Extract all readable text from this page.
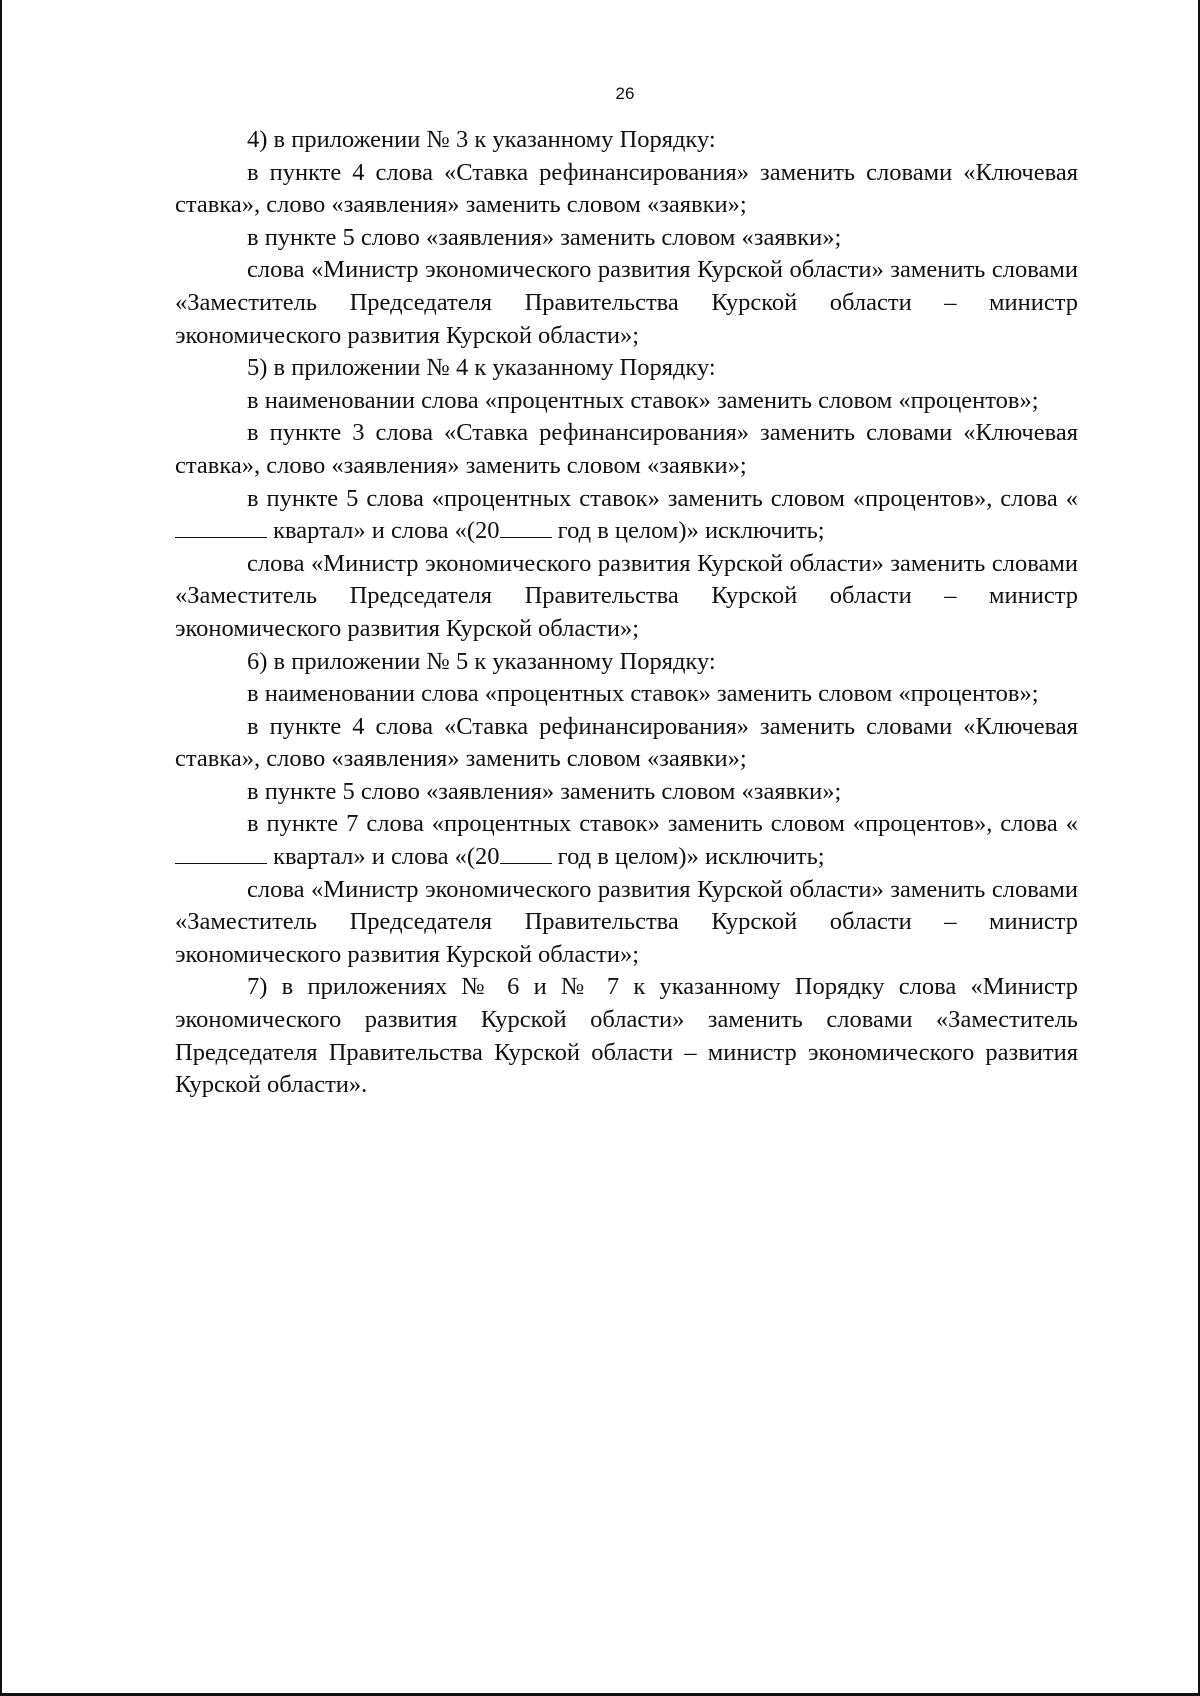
26

4) в приложении № 3 к указанному Порядку:

в пункте 4 слова «Ставка рефинансирования» заменить словами «Ключевая ставка», слово «заявления» заменить словом «заявки»;

в пункте 5 слово «заявления» заменить словом «заявки»;

слова «Министр экономического развития Курской области» заменить словами «Заместитель Председателя Правительства Курской области – министр экономического развития Курской области»;

5) в приложении № 4 к указанному Порядку:

в наименовании слова «процентных ставок» заменить словом «процентов»;

в пункте 3 слова «Ставка рефинансирования» заменить словами «Ключевая ставка», слово «заявления» заменить словом «заявки»;

в пункте 5 слова «процентных ставок» заменить словом «процентов», слова « квартал» и слова «(20 год в целом)» исключить;

слова «Министр экономического развития Курской области» заменить словами «Заместитель Председателя Правительства Курской области – министр экономического развития Курской области»;

6) в приложении № 5 к указанному Порядку:

в наименовании слова «процентных ставок» заменить словом «процентов»;

в пункте 4 слова «Ставка рефинансирования» заменить словами «Ключевая ставка», слово «заявления» заменить словом «заявки»;

в пункте 5 слово «заявления» заменить словом «заявки»;

в пункте 7 слова «процентных ставок» заменить словом «процентов», слова « квартал» и слова «(20 год в целом)» исключить;

слова «Министр экономического развития Курской области» заменить словами «Заместитель Председателя Правительства Курской области – министр экономического развития Курской области»;

7) в приложениях № 6 и № 7 к указанному Порядку слова «Министр экономического развития Курской области» заменить словами «Заместитель Председателя Правительства Курской области – министр экономического развития Курской области».
